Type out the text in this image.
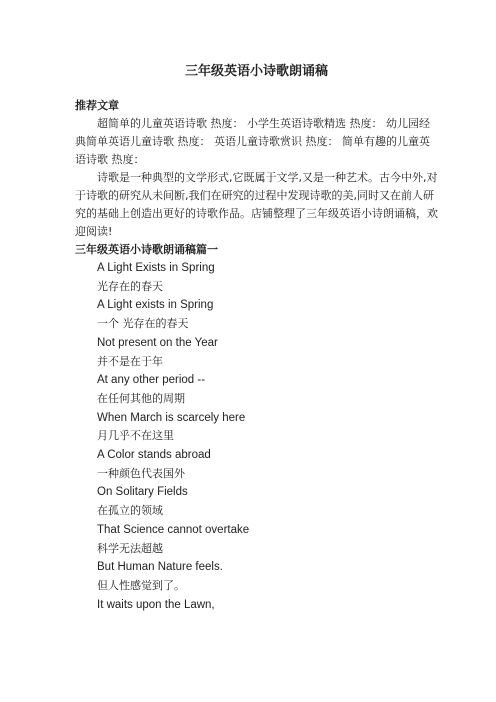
三年级英语小诗歌朗诵稿
推荐文章

超简单的儿童英语诗歌 热度： 小学生英语诗歌精选 热度： 幼儿园经典简单英语儿童诗歌 热度： 英语儿童诗歌赏识 热度： 简单有趣的儿童英语诗歌 热度：

诗歌是一种典型的文学形式,它既属于文学,又是一种艺术。古今中外,对于诗歌的研究从未间断,我们在研究的过程中发现诗歌的美,同时又在前人研究的基础上创造出更好的诗歌作品。店铺整理了三年级英语小诗朗诵稿，欢迎阅读!

三年级英语小诗歌朗诵稿篇一
A Light Exists in Spring
光存在的春天
A Light exists in Spring
一个 光存在的春天
Not present on the Year
并不是在于年
At any other period --
在任何其他的周期
When March is scarcely here
月几乎不在这里
A Color stands abroad
一种颜色代表国外
On Solitary Fields
在孤立的领域
That Science cannot overtake
科学无法超越
But Human Nature feels.
但人性感觉到了。
It waits upon the Lawn,
